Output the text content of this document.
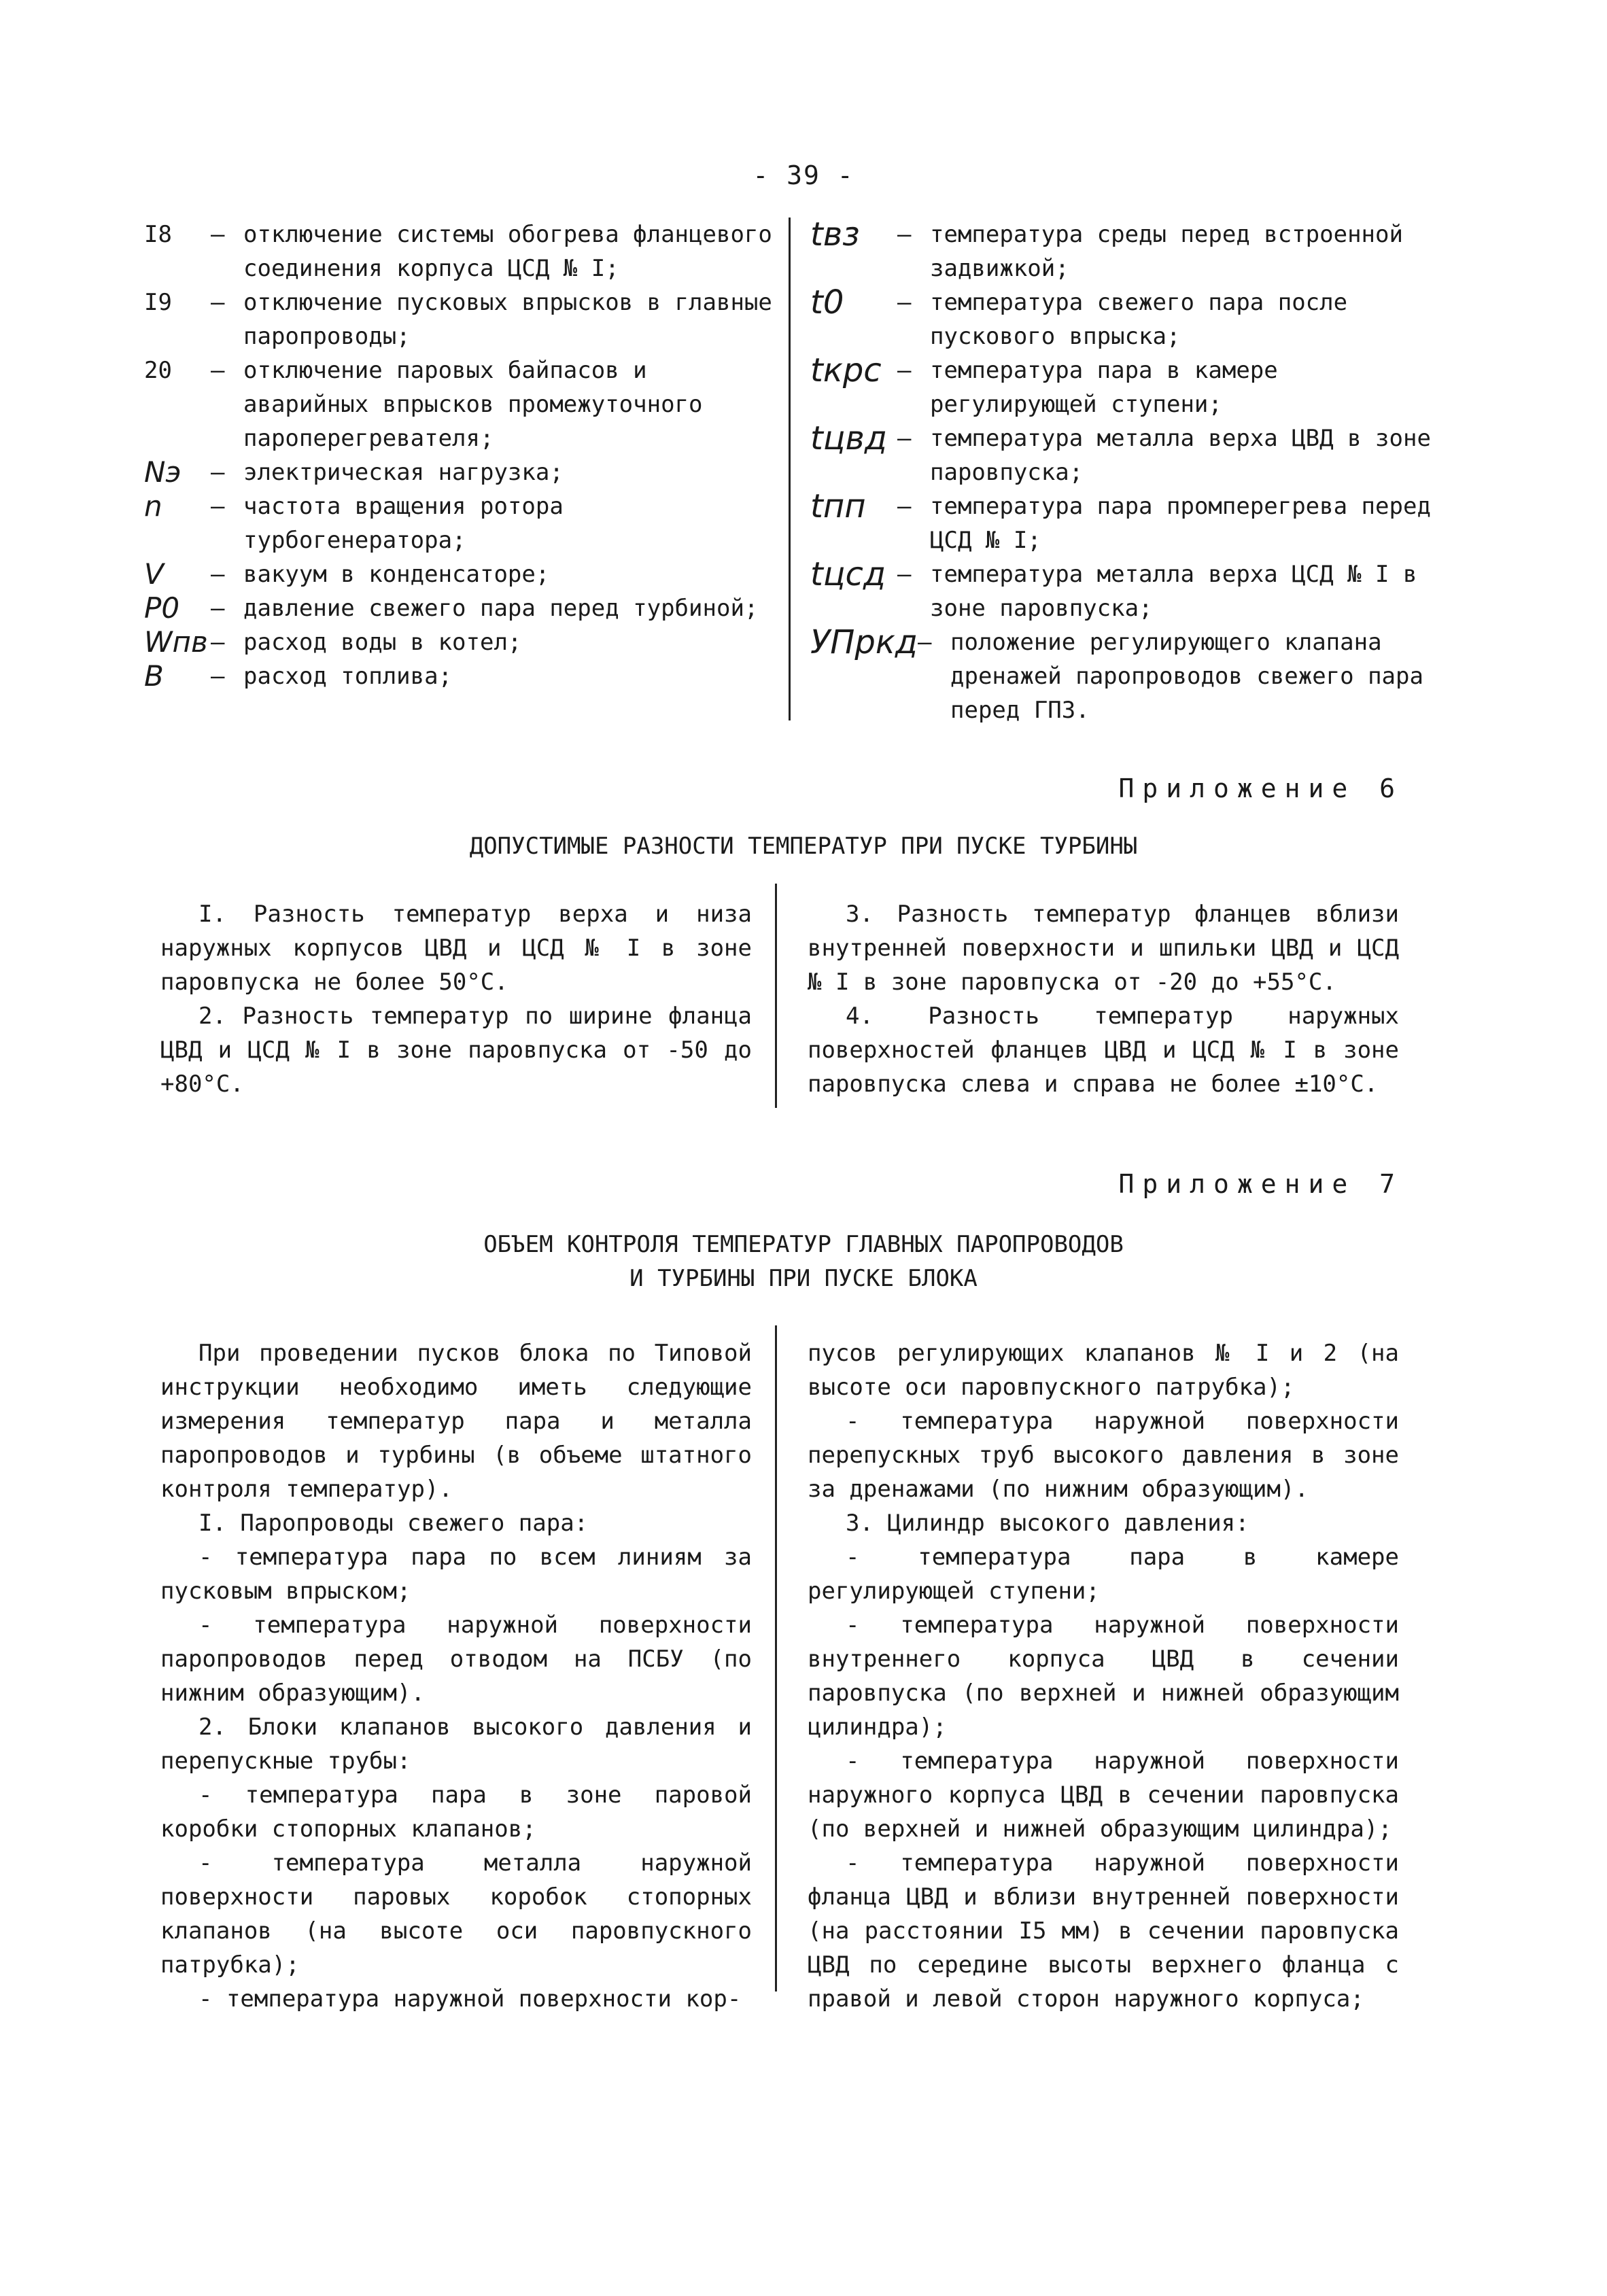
- 39 -
I8	– отключение системы обогрева фланцевого соединения корпуса ЦСД № I;
I9	– отключение пусковых впрысков в главные паропроводы;
20	– отключение паровых байпасов и аварийных впрысков промежуточного пароперегревателя;
Nэ	– электрическая нагрузка;
n	– частота вращения ротора турбогенератора;
V	– вакуум в конденсаторе;
P0	– давление свежего пара перед турбиной;
Wпв – расход воды в котел;
B	– расход топлива;
tвз	– температура среды перед встроенной задвижкой;
t0	– температура свежего пара после пускового впрыска;
tкрс – температура пара в камере регулирующей ступени;
tцвд – температура металла верха ЦВД в зоне паровпуска;
tпп	– температура пара промперегрева перед ЦСД № I;
tцсд – температура металла верха ЦСД № I в зоне паровпуска;
УПркд – положение регулирующего клапана дренажей паропроводов свежего пара перед ГПЗ.
Приложение 6
ДОПУСТИМЫЕ РАЗНОСТИ ТЕМПЕРАТУР ПРИ ПУСКЕ ТУРБИНЫ

I. Разность температур верха и низа наружных корпусов ЦВД и ЦСД № I в зоне паровпуска не более 50°С.

2. Разность температур по ширине фланца ЦВД и ЦСД № I в зоне паровпуска от -50 до +80°С.

3. Разность температур фланцев вблизи внутренней поверхности и шпильки ЦВД и ЦСД № I в зоне паровпуска от -20 до +55°С.

4. Разность температур наружных поверхностей фланцев ЦВД и ЦСД № I в зоне паровпуска слева и справа не более ±10°С.

Приложение 7
ОБЪЕМ КОНТРОЛЯ ТЕМПЕРАТУР ГЛАВНЫХ ПАРОПРОВОДОВ
И ТУРБИНЫ ПРИ ПУСКЕ БЛОКА

При проведении пусков блока по Типовой инструкции необходимо иметь следующие измерения температур пара и металла паропроводов и турбины (в объеме штатного контроля температур).

I. Паропроводы свежего пара:

- температура пара по всем линиям за пусковым впрыском;

- температура наружной поверхности паропроводов перед отводом на ПСБУ (по нижним образующим).

2. Блоки клапанов высокого давления и перепускные трубы:

- температура пара в зоне паровой коробки стопорных клапанов;

- температура металла наружной поверхности паровых коробок стопорных клапанов (на высоте оси паровпускного патрубка);

- температура наружной поверхности кор-

пусов регулирующих клапанов № I и 2 (на высоте оси паровпускного патрубка);

- температура наружной поверхности перепускных труб высокого давления в зоне за дренажами (по нижним образующим).

3. Цилиндр высокого давления:

- температура пара в камере регулирующей ступени;

- температура наружной поверхности внутреннего корпуса ЦВД в сечении паровпуска (по верхней и нижней образующим цилиндра);

- температура наружной поверхности наружного корпуса ЦВД в сечении паровпуска (по верхней и нижней образующим цилиндра);

- температура наружной поверхности фланца ЦВД и вблизи внутренней поверхности (на расстоянии I5 мм) в сечении паровпуска ЦВД по середине высоты верхнего фланца с правой и левой сторон наружного корпуса;
